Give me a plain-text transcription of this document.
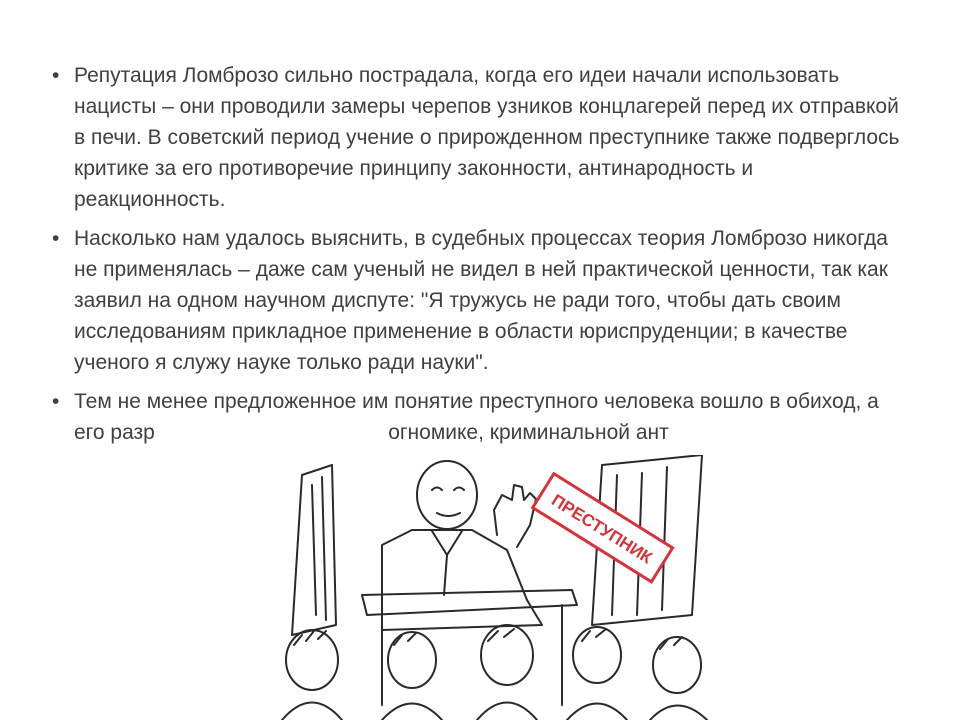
• Репутация Ломброзо сильно пострадала, когда его идеи начали использовать нацисты – они проводили замеры черепов узников концлагерей перед их отправкой в печи. В советский период учение о прирожденном преступнике также подверглось критике за его противоречие принципу законности, антинародность и реакционность.
• Насколько нам удалось выяснить, в судебных процессах теория Ломброзо никогда не применялась – даже сам ученый не видел в ней практической ценности, так как заявил на одном научном диспуте: "Я тружусь не ради того, чтобы дать своим исследованиям прикладное применение в области юриспруденции; в качестве ученого я служу науке только ради науки".
• Тем не менее предложенное им понятие преступного человека вошло в обиход, а его разр                                        огномике, криминальной ант
ПРЕСТУПНИК
